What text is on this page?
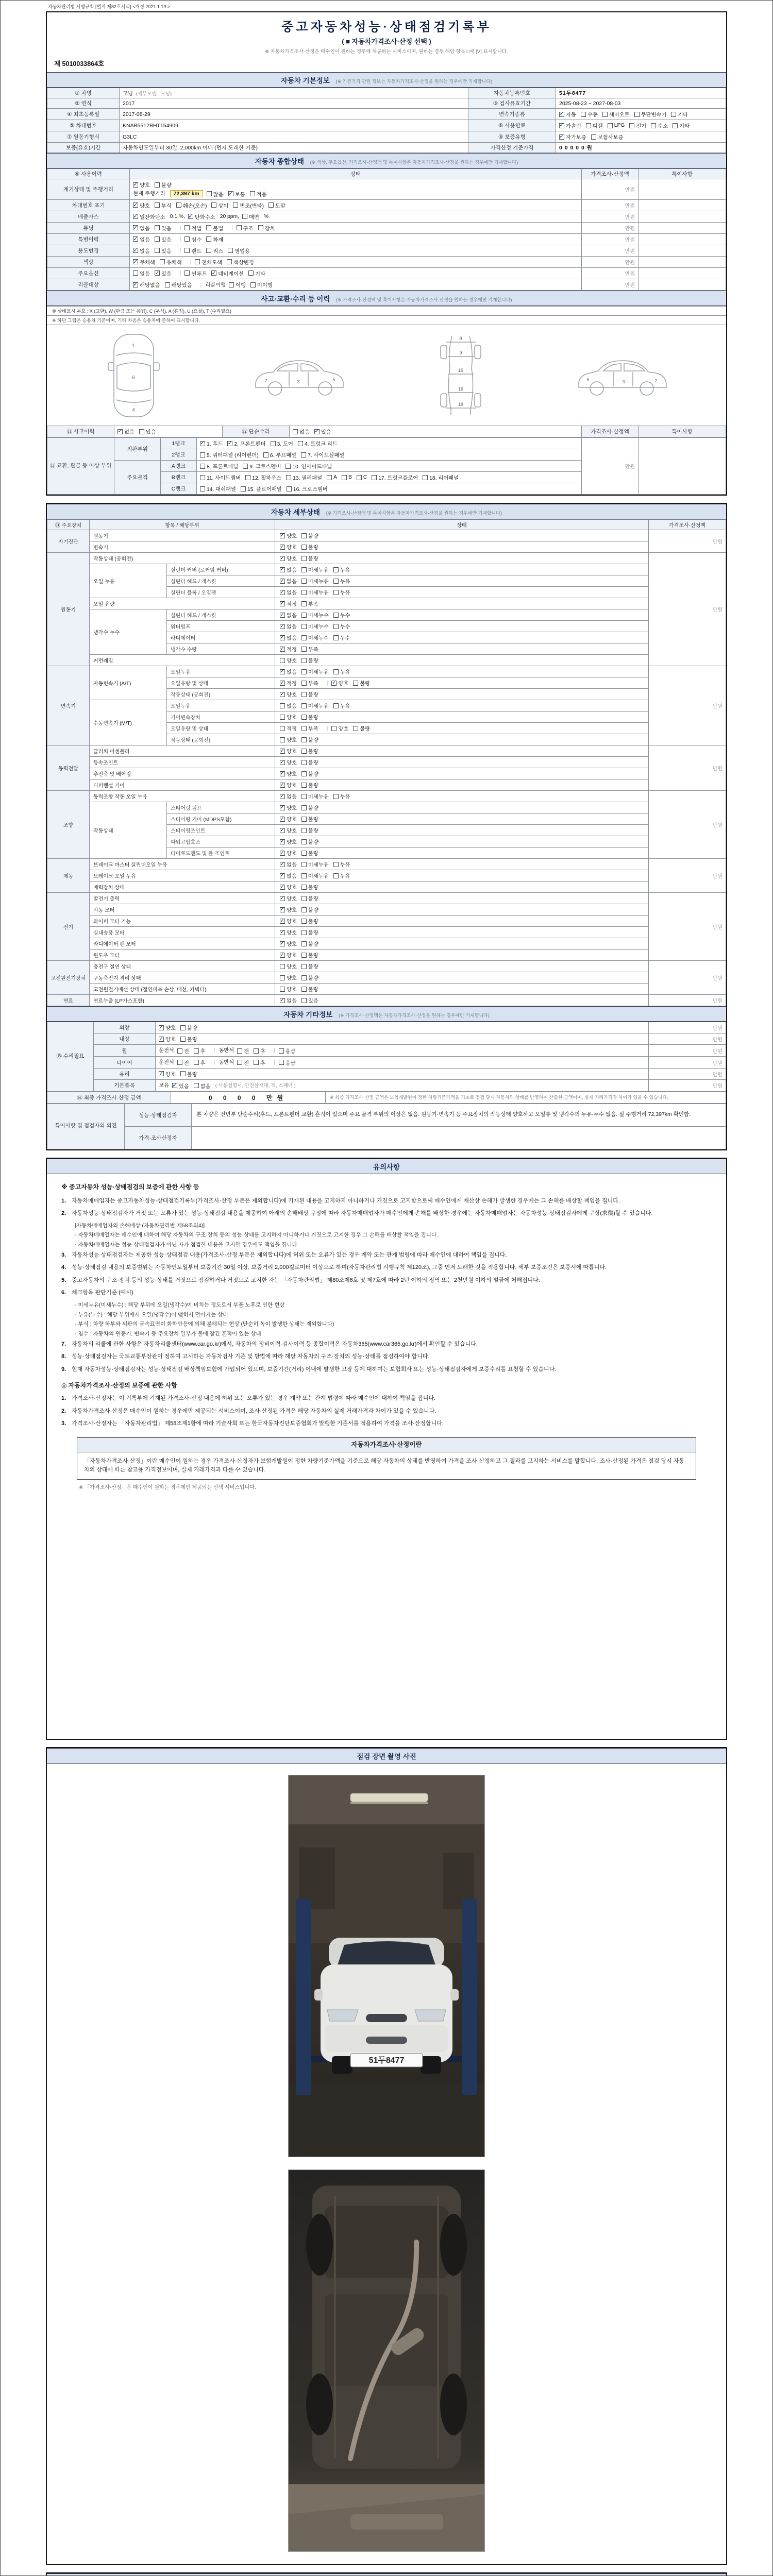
자동차관리법 시행규칙 [별지 제82호서식] <개정 2021.1.19.>
중고자동차성능·상태점검기록부
( ■ 자동차가격조사·산정 선택 )
※ 자동차가격조사·산정은 매수인이 원하는 경우에 제공하는 서비스이며, 원하는 경우 해당 항목 □에 [V] 표시합니다.
제 5010033864호
자동차 기본정보 (※ 기준가격 관련 정보는 자동차가격조사·산정을 원하는 경우에만 기재합니다)
① 차명	모닝 (세부모델 : 모닝)	자동차등록번호	51두8477
② 연식	2017	③ 검사유효기간	2025-08-23 ~ 2027-08-03
④ 최초등록일	2017-08-29	변속기종류	✓ 자동 수동 세미오토 무단변속기 기타

⑤ 차대번호	KNAB5512BHT154909	⑥ 사용연료	✓ 가솔린 디젤 LPG 전기 수소 기타

⑦ 원동기형식	G3LC	⑧ 보증유형	✓ 자가보증 보험사보증

보증(유효)기간	자동차인도일부터 30일, 2,000km 이내 (먼저 도래한 기준)	가격산정 기준가격	0 0 0 0 0 원
자동차 종합상태 (※ 색상, 주요옵션, 가격조사·산정액 및 특이사항은 자동차가격조사·산정을 원하는 경우에만 기재합니다)
⑨ 사용이력	상태	가격조사·산정액	특이사항
계기상태 및 주행거리	
✓ 양호 불량

현재 주행거리 72,397 km	많음 ✓ 보통 적음
	만원	
차대번호 표기	✓ 양호 부식 훼손(오손) 상이 변조(변타) 도말	만원	
배출가스	✓ 일산화탄소 0.1 %, ✓ 탄화수소 20 ppm, 매연 %	만원	
튜닝	✓ 없음 있음 | 적법 불법 | 구조 장치	만원	
특별이력	✓ 없음 있음 | 침수 화재	만원	
용도변경	✓ 없음 있음 | 렌트 리스 영업용	만원	
색상	✓ 무채색 유채색 | 전체도색 색상변경	만원	
주요옵션	없음 ✓ 있음 | 썬루프 ✓ 네비게이션 기타	만원	
리콜대상	✓ 해당없음 해당있음 | 리콜이행 이행 미이행	만원	
사고·교환·수리 등 이력 (※ 가격조사·산정액 및 특이사항은 자동차가격조사·산정을 원하는 경우에만 기재합니다)
⑩ 상태표시 부호 : X (교환), W (판금 또는 용접), C (부식), A (흠집), U (요철), T (수리필요)
※ 하단 그림은 승용차 기준이며, 기타 차종은 승용차에 준하여 표시합니다.
1
6
4
2	3	5
8
9
15
16
18
2
3
5
⑪ 사고이력	✓ 없음 있음	⑫ 단순수리	없음 ✓ 있음	가격조사·산정액	특이사항
⑬ 교환, 판금 등 이상 부위	외판부위	1랭크	✓ 1. 후드 ✓ 2. 프론트펜더 3. 도어 4. 트렁크 리드
	만원	
		2랭크	5. 쿼터패널 (리어펜더) 6. 루프패널 7. 사이드실패널		

	주요골격	A랭크	8. 프론트패널 9. 크로스멤버 10. 인사이드패널		

B랭크	11. 사이드멤버 12. 휠하우스 13. 필러패널 A B C 17. 트렁크플로어 18. 리어패널

		C랭크	14. 대쉬패널 15. 플로어패널 16. 크로스멤버		
자동차 세부상태 (※ 가격조사·산정액 및 특이사항은 자동차가격조사·산정을 원하는 경우에만 기재합니다)
⑭ 주요장치	항목 / 해당부위		상태	가격조사·산정액
자기진단	원동기		✓ 양호 불량	만원
	변속기		✓ 양호 불량	

원동기	작동상태 (공회전)		✓ 양호 불량	만원
	오일 누유	실린더 커버 (로커암 커버)	✓ 없음 미세누유 누유	

		실린더 헤드 / 개스킷	✓ 없음 미세누유 누유	

		실린더 블록 / 오일팬	✓ 없음 미세누유 누유	

	오일 유량		✓ 적정 부족	

	냉각수 누수	실린더 헤드 / 개스킷	✓ 없음 미세누수 누수	

		워터펌프	✓ 없음 미세누수 누수	

		라디에이터	✓ 없음 미세누수 누수	

		냉각수 수량	✓ 적정 부족	

	커먼레일		양호 불량	

변속기	자동변속기 (A/T)	오일누유	✓ 없음 미세누유 누유	만원
오일유량 및 상태	✓ 적정 부족 | ✓ 양호 불량

		작동상태 (공회전)	✓ 양호 불량	

	수동변속기 (M/T)	오일누유	없음 미세누유 누유	

		기어변속장치	양호 불량	

		오일유량 및 상태	적정 부족 | 양호 불량	

		작동상태 (공회전)	양호 불량	

동력전달	클러치 어셈블리		✓ 양호 불량	만원
	등속조인트		✓ 양호 불량	

	추진축 및 베어링		✓ 양호 불량	

	디퍼렌셜 기어		✓ 양호 불량	

조향	동력조향 작동 오일 누유		✓ 없음 미세누유 누유	만원
	작동상태	스티어링 펌프	✓ 양호 불량	

		스티어링 기어 (MDPS포함)	✓ 양호 불량	

		스티어링조인트	✓ 양호 불량	

		파워고압호스	✓ 양호 불량	

		타이로드엔드 및 볼 조인트	✓ 양호 불량	

제동	브레이크 마스터 실린더오일 누유		✓ 없음 미세누유 누유	만원
	브레이크 오일 누유		✓ 없음 미세누유 누유	

	배력장치 상태		✓ 양호 불량	

전기	발전기 출력		✓ 양호 불량	만원
	시동 모터		✓ 양호 불량	

	와이퍼 모터 기능		✓ 양호 불량	

	실내송풍 모터		✓ 양호 불량	

	라디에이터 팬 모터		✓ 양호 불량	

	윈도우 모터		✓ 양호 불량	

고전원전기장치	충전구 절연 상태		양호 불량	만원
	구동축전지 격리 상태		양호 불량	

	고전원전기배선 상태 (절연피복 손상, 배선, 커넥터)		양호 불량	

연료	연료누출 (LP가스포함)		✓ 없음 있음	만원
자동차 기타정보 (※ 가격조사·산정액은 자동차가격조사·산정을 원하는 경우에만 기재합니다)
⑮ 수리필요	외장	✓ 양호 불량	만원
	내장	✓ 양호 불량	만원
휠	운전석 전 후 | 동반석 전 후 | 응급	만원
타이어	운전석 전 후 | 동반석 전 후 | 응급	만원
	유리	✓ 양호 불량	만원
	기본품목	보유 ✓ 있음 없음 ( 사용설명서, 안전삼각대, 잭, 스패너 )	만원
⑯ 최종 가격조사·산정 금액	0 0 0 0 만원	※ 최종 가격조사·산정 금액은 보험개발원이 정한 차량기준가액을 기초로 점검 당시 자동차의 상태를 반영하여 산출한 금액이며, 실제 거래가격과 차이가 있을 수 있습니다.
특이사항 및 점검자의 의견	성능·상태점검자	본 차량은 전면부 단순수리(후드, 프론트펜더 교환) 흔적이 있으며 주요 골격 부위의 이상은 없음. 원동기·변속기 등 주요장치의 작동상태 양호하고 오일류 및 냉각수의 누유·누수 없음. 실 주행거리 72,397km 확인함.
	가격·조사산정자	
유의사항
※ 중고자동차 성능·상태점검의 보증에 관한 사항 등
1. 자동차매매업자는 중고자동차성능·상태점검기록부(가격조사·산정 부분은 제외합니다)에 기재된 내용을 고지하지 아니하거나 거짓으로 고지함으로써 매수인에게 재산상 손해가 발생한 경우에는 그 손해를 배상할 책임을 집니다.
2. 자동차성능·상태점검자가 거짓 또는 오류가 있는 성능·상태점검 내용을 제공하여 아래의 손해배상 규정에 따라 자동차매매업자가 매수인에게 손해를 배상한 경우에는 자동차매매업자는 자동차성능·상태점검자에게 구상(求償)할 수 있습니다.
[자동차매매업자의 손해배상 (자동차관리법 제58조의4)]
- 자동차매매업자는 매수인에 대하여 해당 자동차의 구조·장치 등의 성능·상태를 고지하지 아니하거나 거짓으로 고지한 경우 그 손해를 배상할 책임을 집니다.
- 자동차매매업자는 성능·상태점검자가 아닌 자가 점검한 내용을 고지한 경우에도 책임을 집니다.
3. 자동차성능·상태점검자는 제공한 성능·상태점검 내용(가격조사·산정 부분은 제외합니다)에 허위 또는 오류가 있는 경우 계약 또는 관계 법령에 따라 매수인에 대하여 책임을 집니다.
4. 성능·상태점검 내용의 보증범위는 자동차인도일부터 보증기간 30일 이상, 보증거리 2,000킬로미터 이상으로 하며(자동차관리법 시행규칙 제120조), 그중 먼저 도래한 것을 적용합니다. 세부 보증조건은 보증서에 따릅니다.
5. 중고자동차의 구조·장치 등의 성능·상태를 거짓으로 점검하거나 거짓으로 고지한 자는 「자동차관리법」 제80조제6호 및 제7호에 따라 2년 이하의 징역 또는 2천만원 이하의 벌금에 처해집니다.
6. 체크항목 판단기준 (예시)
- 미세누유(미세누수) : 해당 부위에 오일(냉각수)이 비치는 정도로서 부품 노후로 인한 현상
- 누유(누수) : 해당 부위에서 오일(냉각수)이 맺혀서 떨어지는 상태
- 부식 : 차량 하부와 외판의 금속표면이 화학반응에 의해 분해되는 현상 (단순히 녹이 발생한 상태는 제외합니다)
- 침수 : 자동차의 원동기, 변속기 등 주요장치 일부가 물에 잠긴 흔적이 있는 상태
7. 자동차의 리콜에 관한 사항은 자동차리콜센터(www.car.go.kr)에서, 자동차의 정비이력·검사이력 등 종합이력은 자동차365(www.car365.go.kr)에서 확인할 수 있습니다.
8. 성능·상태점검자는 국토교통부장관이 정하여 고시하는 자동차검사 기준 및 방법에 따라 해당 자동차의 구조·장치의 성능·상태를 점검하여야 합니다.
9. 현재 자동차성능·상태점검자는 성능·상태점검 배상책임보험에 가입되어 있으며, 보증기간(거리) 이내에 발생한 고장 등에 대하여는 보험회사 또는 성능·상태점검자에게 보증수리를 요청할 수 있습니다.
◎ 자동차가격조사·산정의 보증에 관한 사항
1. 가격조사·산정자는 이 기록부에 기재된 가격조사·산정 내용에 허위 또는 오류가 있는 경우 계약 또는 관계 법령에 따라 매수인에 대하여 책임을 집니다.
2. 자동차가격조사·산정은 매수인이 원하는 경우에만 제공되는 서비스이며, 조사·산정된 가격은 해당 자동차의 실제 거래가격과 차이가 있을 수 있습니다.
3. 가격조사·산정자는 「자동차관리법」 제58조제1항에 따라 기술사회 또는 한국자동차진단보증협회가 발행한 기준서를 적용하여 가격을 조사·산정합니다.
자동차가격조사·산정이란
「자동차가격조사·산정」이란 매수인이 원하는 경우 가격조사·산정자가 보험개발원이 정한 차량기준가액을 기준으로 해당 자동차의 상태를 반영하여 가격을 조사·산정하고 그 결과를 고지하는 서비스를 말합니다. 조사·산정된 가격은 점검 당시 자동차의 상태에 따른 참고용 가격정보이며, 실제 거래가격과 다를 수 있습니다.
※ 「가격조사·산정」은 매수인이 원하는 경우에만 제공되는 선택 서비스입니다.
점검 장면 촬영 사진
51두8477
